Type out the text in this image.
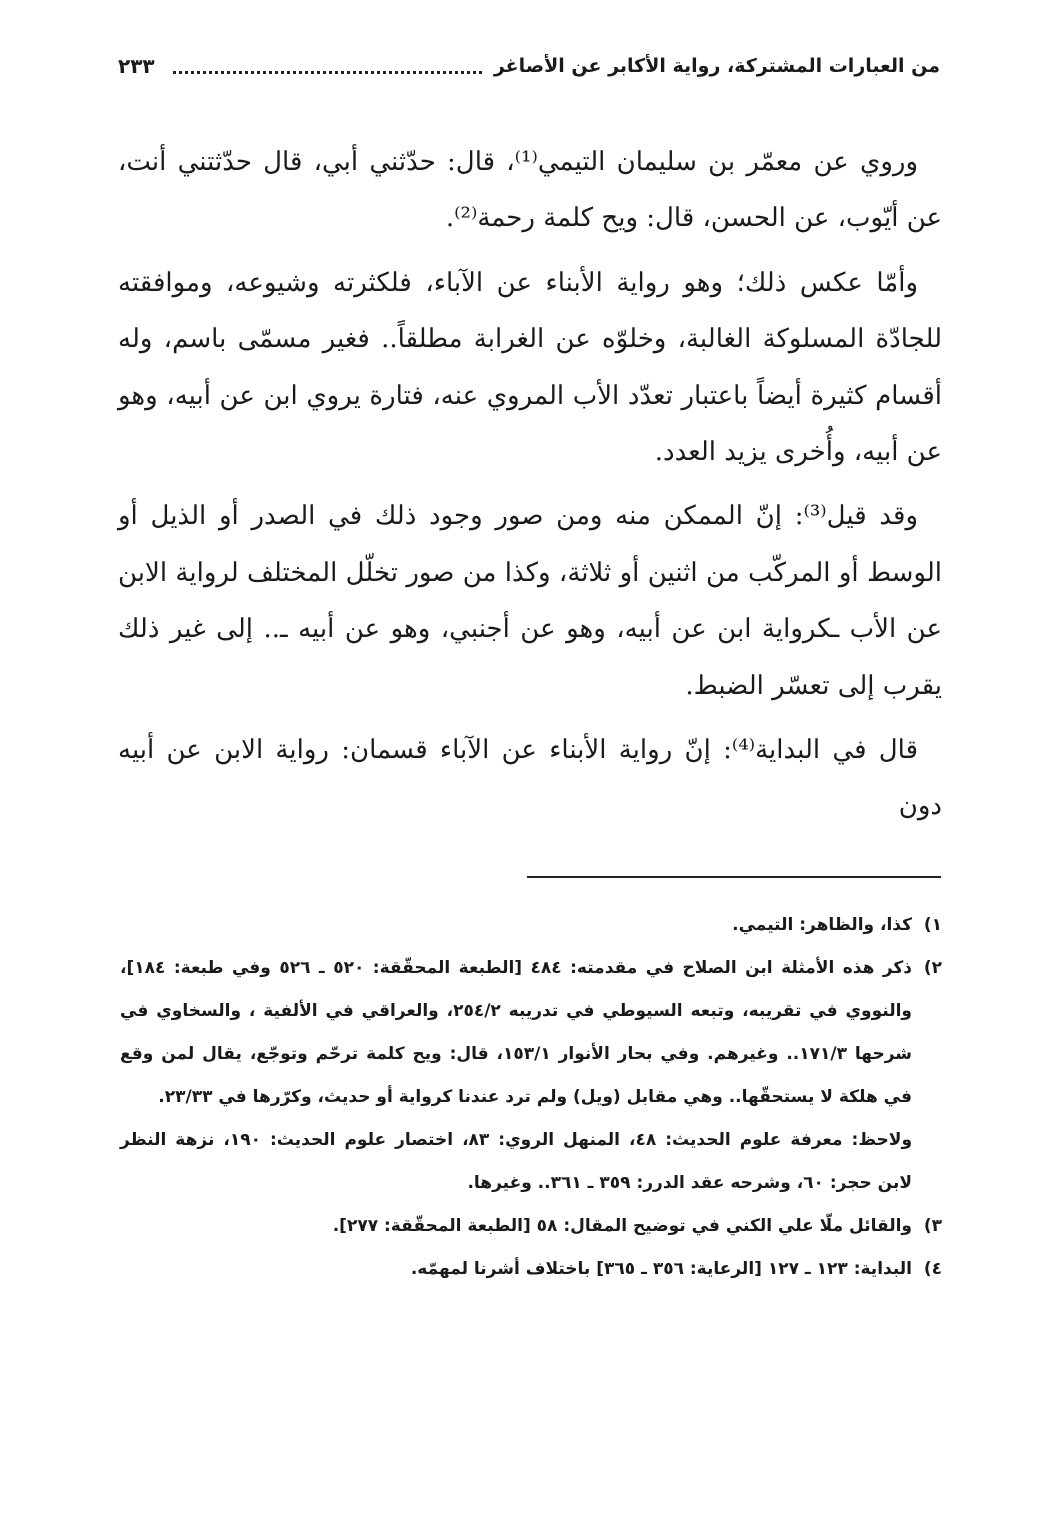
من العبارات المشتركة، رواية الأكابر عن الأصاغر
٢٣٣

وروي عن معمّر بن سليمان التيمي⁽¹⁾، قال: حدّثني أبي، قال حدّثتني أنت، عن أيّوب، عن الحسن، قال: ويح كلمة رحمة⁽²⁾.

وأمّا عكس ذلك؛ وهو رواية الأبناء عن الآباء، فلكثرته وشيوعه، وموافقته للجادّة المسلوكة الغالبة، وخلوّه عن الغرابة مطلقاً.. فغير مسمّى باسم، وله أقسام كثيرة أيضاً باعتبار تعدّد الأب المروي عنه، فتارة يروي ابن عن أبيه، وهو عن أبيه، وأُخرى يزيد العدد.

وقد قيل⁽³⁾: إنّ الممكن منه ومن صور وجود ذلك في الصدر أو الذيل أو الوسط أو المركّب من اثنين أو ثلاثة، وكذا من صور تخلّل المختلف لرواية الابن عن الأب ـكرواية ابن عن أبيه، وهو عن أجنبي، وهو عن أبيه ـ.. إلى غير ذلك يقرب إلى تعسّر الضبط.

قال في البداية⁽⁴⁾: إنّ رواية الأبناء عن الآباء قسمان: رواية الابن عن أبيه دون

١)
كذا، والظاهر: التيمي.
٢)
ذكر هذه الأمثلة ابن الصلاح في مقدمته: ٤٨٤ [الطبعة المحقّقة: ٥٢٠ ـ ٥٢٦ وفي طبعة: ١٨٤]، والنووي في تقريبه، وتبعه السيوطي في تدريبه ٢٥٤/٢، والعراقي في الألفية ، والسخاوي في شرحها ١٧١/٣.. وغيرهم. وفي بحار الأنوار ١٥٣/١، قال: ويح كلمة ترحّم وتوجّع، يقال لمن وقع في هلكة لا يستحقّها.. وهي مقابل (ويل) ولم ترد عندنا كرواية أو حديث، وكرّرها في ٢٣/٣٣.
ولاحظ: معرفة علوم الحديث: ٤٨، المنهل الروي: ٨٣، اختصار علوم الحديث: ١٩٠، نزهة النظر لابن حجر: ٦٠، وشرحه عقد الدرر: ٣٥٩ ـ ٣٦١.. وغيرها.
٣)
والقائل ملّا علي الكني في توضيح المقال: ٥٨ [الطبعة المحقّقة: ٢٧٧].
٤)
البداية: ١٢٣ ـ ١٢٧ [الرعاية: ٣٥٦ ـ ٣٦٥] باختلاف أشرنا لمهمّه.
